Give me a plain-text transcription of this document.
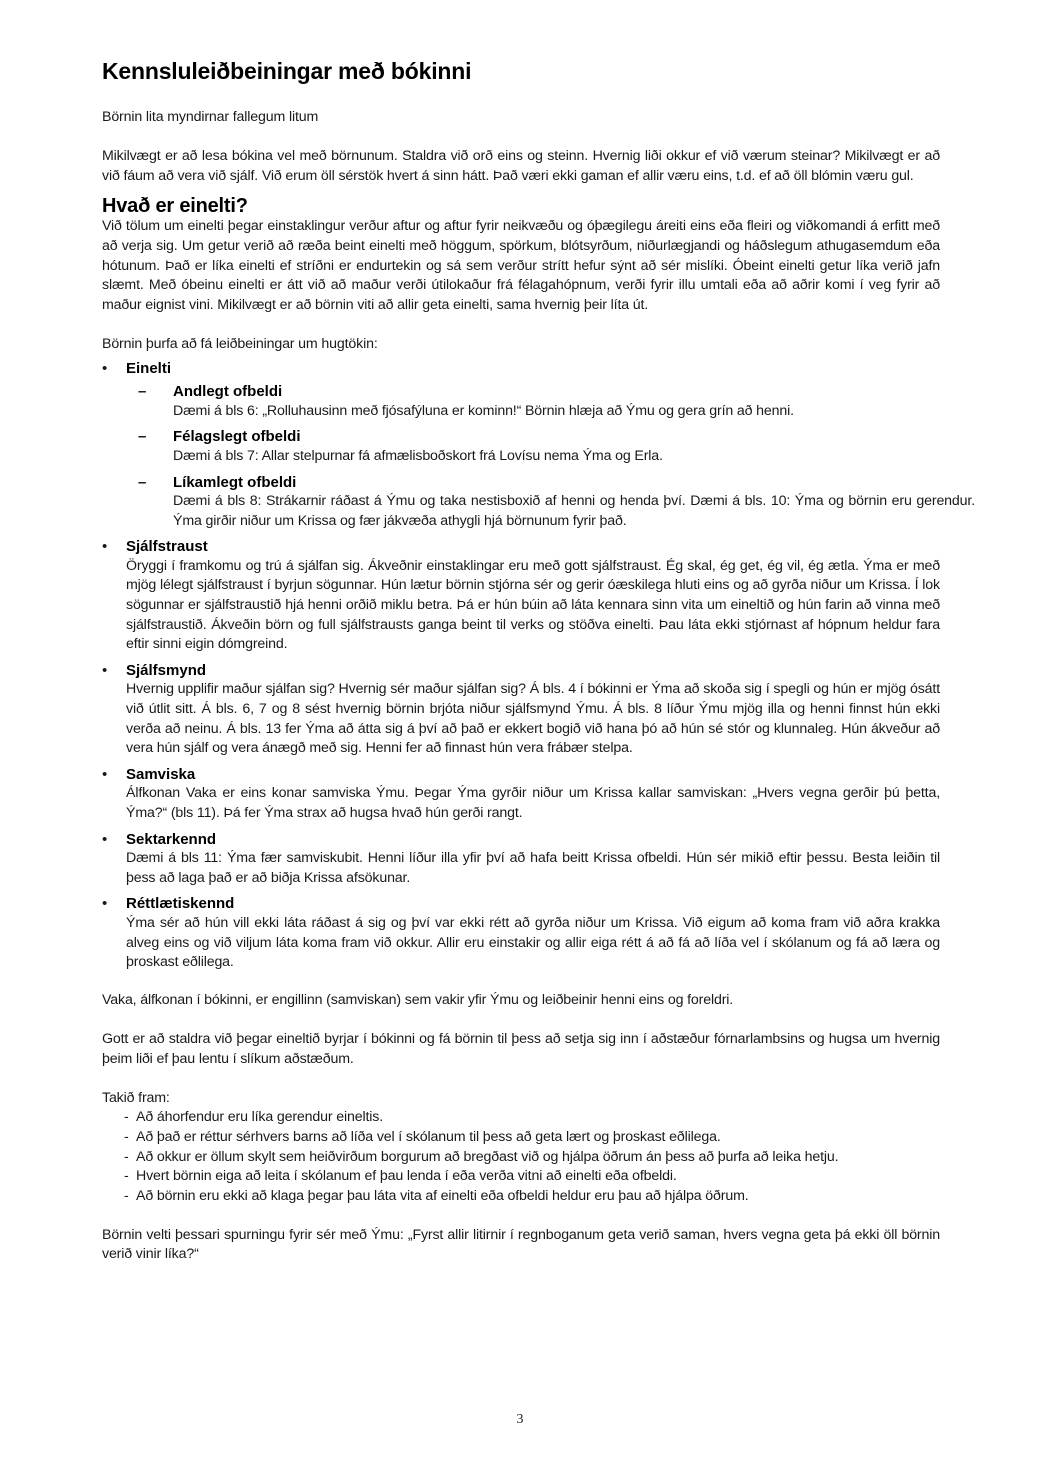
Kennsluleiðbeiningar með bókinni

Börnin lita myndirnar fallegum litum

Mikilvægt er að lesa bókina vel með börnunum. Staldra við orð eins og steinn. Hvernig liði okkur ef við værum steinar? Mikilvægt er að við fáum að vera við sjálf. Við erum öll sérstök hvert á sinn hátt. Það væri ekki gaman ef allir væru eins, t.d. ef að öll blómin væru gul.

Hvað er einelti?

Við tölum um einelti þegar einstaklingur verður aftur og aftur fyrir neikvæðu og óþægilegu áreiti eins eða fleiri og viðkomandi á erfitt með að verja sig. Um getur verið að ræða beint einelti með höggum, spörkum, blótsyrðum, niðurlægjandi og háðslegum athugasemdum eða hótunum. Það er líka einelti ef stríðni er endurtekin og sá sem verður strítt hefur sýnt að sér mislíki. Óbeint einelti getur líka verið jafn slæmt. Með óbeinu einelti er átt við að maður verði útilokaður frá félagahópnum, verði fyrir illu umtali eða að aðrir komi í veg fyrir að maður eignist vini. Mikilvægt er að börnin viti að allir geta einelti, sama hvernig þeir líta út.

Börnin þurfa að fá leiðbeiningar um hugtökin:

• Einelti
– Andlegt ofbeldi

Dæmi á bls 6: „Rolluhausinn með fjósafýluna er kominn!“ Börnin hlæja að Ýmu og gera grín að henni.

– Félagslegt ofbeldi

Dæmi á bls 7: Allar stelpurnar fá afmælisboðskort frá Lovísu nema Ýma og Erla.

– Líkamlegt ofbeldi

Dæmi á bls 8: Strákarnir ráðast á Ýmu og taka nestisboxið af henni og henda því. Dæmi á bls. 10: Ýma og börnin eru gerendur. Ýma girðir niður um Krissa og fær jákvæða athygli hjá börnunum fyrir það.

• Sjálfstraust

Öryggi í framkomu og trú á sjálfan sig. Ákveðnir einstaklingar eru með gott sjálfstraust. Ég skal, ég get, ég vil, ég ætla. Ýma er með mjög lélegt sjálfstraust í byrjun sögunnar. Hún lætur börnin stjórna sér og gerir óæskilega hluti eins og að gyrða niður um Krissa. Í lok sögunnar er sjálfstraustið hjá henni orðið miklu betra. Þá er hún búin að láta kennara sinn vita um eineltið og hún farin að vinna með sjálfstraustið. Ákveðin börn og full sjálfstrausts ganga beint til verks og stöðva einelti. Þau láta ekki stjórnast af hópnum heldur fara eftir sinni eigin dómgreind.

• Sjálfsmynd

Hvernig upplifir maður sjálfan sig? Hvernig sér maður sjálfan sig? Á bls. 4 í bókinni er Ýma að skoða sig í spegli og hún er mjög ósátt við útlit sitt. Á bls. 6, 7 og 8 sést hvernig börnin brjóta niður sjálfsmynd Ýmu. Á bls. 8 líður Ýmu mjög illa og henni finnst hún ekki verða að neinu. Á bls. 13 fer Ýma að átta sig á því að það er ekkert bogið við hana þó að hún sé stór og klunnaleg. Hún ákveður að vera hún sjálf og vera ánægð með sig. Henni fer að finnast hún vera frábær stelpa.

• Samviska

Álfkonan Vaka er eins konar samviska Ýmu. Þegar Ýma gyrðir niður um Krissa kallar samviskan: „Hvers vegna gerðir þú þetta, Ýma?“ (bls 11). Þá fer Ýma strax að hugsa hvað hún gerði rangt.

• Sektarkennd

Dæmi á bls 11: Ýma fær samviskubit. Henni líður illa yfir því að hafa beitt Krissa ofbeldi. Hún sér mikið eftir þessu. Besta leiðin til þess að laga það er að biðja Krissa afsökunar.

• Réttlætiskennd

Ýma sér að hún vill ekki láta ráðast á sig og því var ekki rétt að gyrða niður um Krissa. Við eigum að koma fram við aðra krakka alveg eins og við viljum láta koma fram við okkur. Allir eru einstakir og allir eiga rétt á að fá að líða vel í skólanum og fá að læra og þroskast eðlilega.

Vaka, álfkonan í bókinni, er engillinn (samviskan) sem vakir yfir Ýmu og leiðbeinir henni eins og foreldri.

Gott er að staldra við þegar eineltið byrjar í bókinni og fá börnin til þess að setja sig inn í aðstæður fórnarlambsins og hugsa um hvernig þeim liði ef þau lentu í slíkum aðstæðum.

Takið fram:

- Að áhorfendur eru líka gerendur eineltis.
- Að það er réttur sérhvers barns að líða vel í skólanum til þess að geta lært og þroskast eðlilega.
- Að okkur er öllum skylt sem heiðvirðum borgurum að bregðast við og hjálpa öðrum án þess að þurfa að leika hetju.
- Hvert börnin eiga að leita í skólanum ef þau lenda í eða verða vitni að einelti eða ofbeldi.
- Að börnin eru ekki að klaga þegar þau láta vita af einelti eða ofbeldi heldur eru þau að hjálpa öðrum.

Börnin velti þessari spurningu fyrir sér með Ýmu: „Fyrst allir litirnir í regnboganum geta verið saman, hvers vegna geta þá ekki öll börnin verið vinir líka?“

3
